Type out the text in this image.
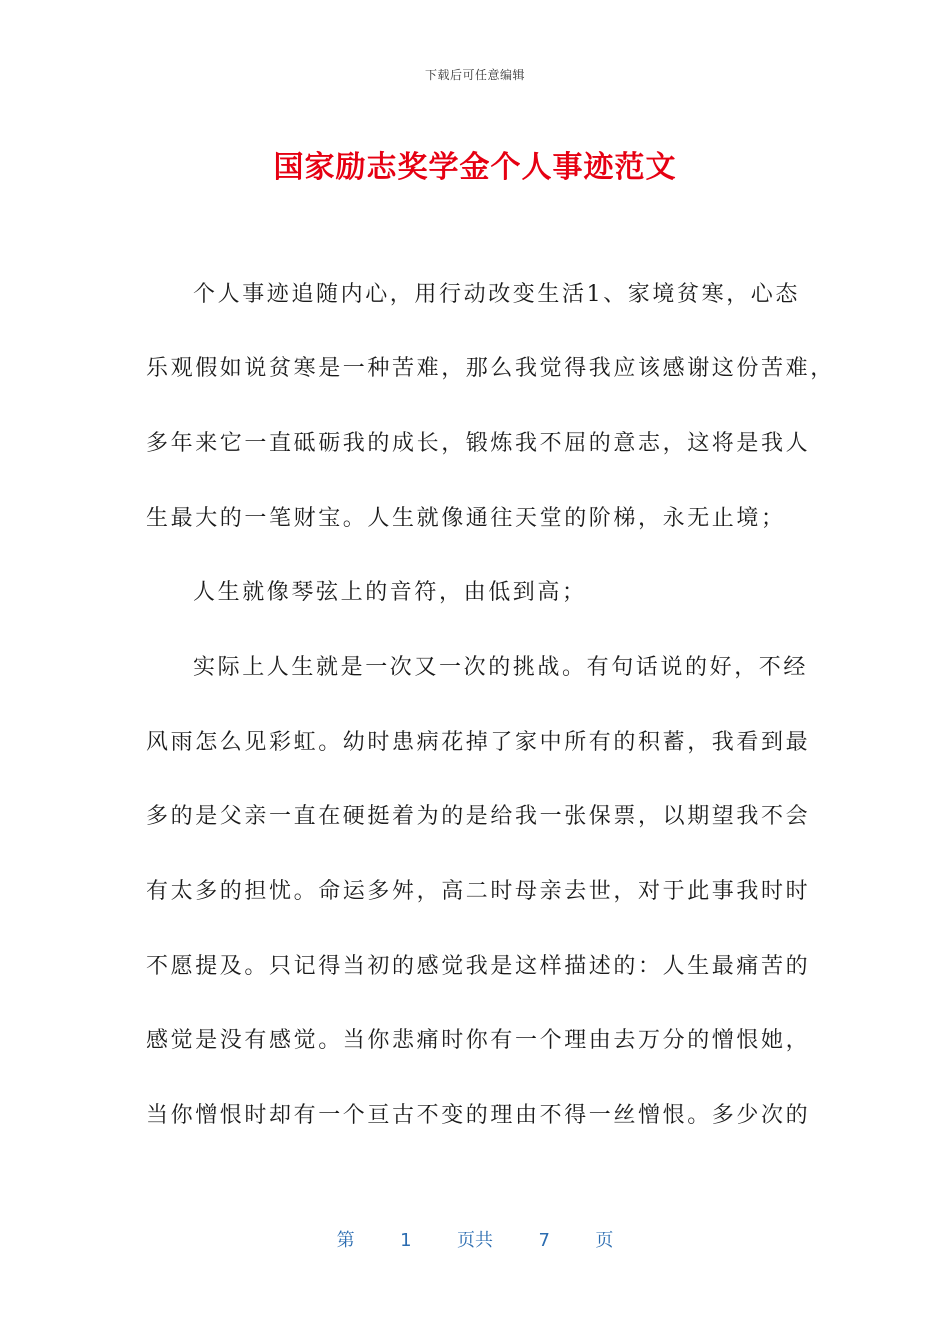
下载后可任意编辑
国家励志奖学金个人事迹范文
个人事迹追随内心，用行动改变生活1、家境贫寒，心态
乐观假如说贫寒是一种苦难，那么我觉得我应该感谢这份苦难，
多年来它一直砥砺我的成长，锻炼我不屈的意志，这将是我人
生最大的一笔财宝。人生就像通往天堂的阶梯，永无止境；
人生就像琴弦上的音符，由低到高；
实际上人生就是一次又一次的挑战。有句话说的好，不经
风雨怎么见彩虹。幼时患病花掉了家中所有的积蓄，我看到最
多的是父亲一直在硬挺着为的是给我一张保票，以期望我不会
有太多的担忧。命运多舛，高二时母亲去世，对于此事我时时
不愿提及。只记得当初的感觉我是这样描述的：人生最痛苦的
感觉是没有感觉。当你悲痛时你有一个理由去万分的憎恨她，
当你憎恨时却有一个亘古不变的理由不得一丝憎恨。多少次的
第	1	页共	7	页
